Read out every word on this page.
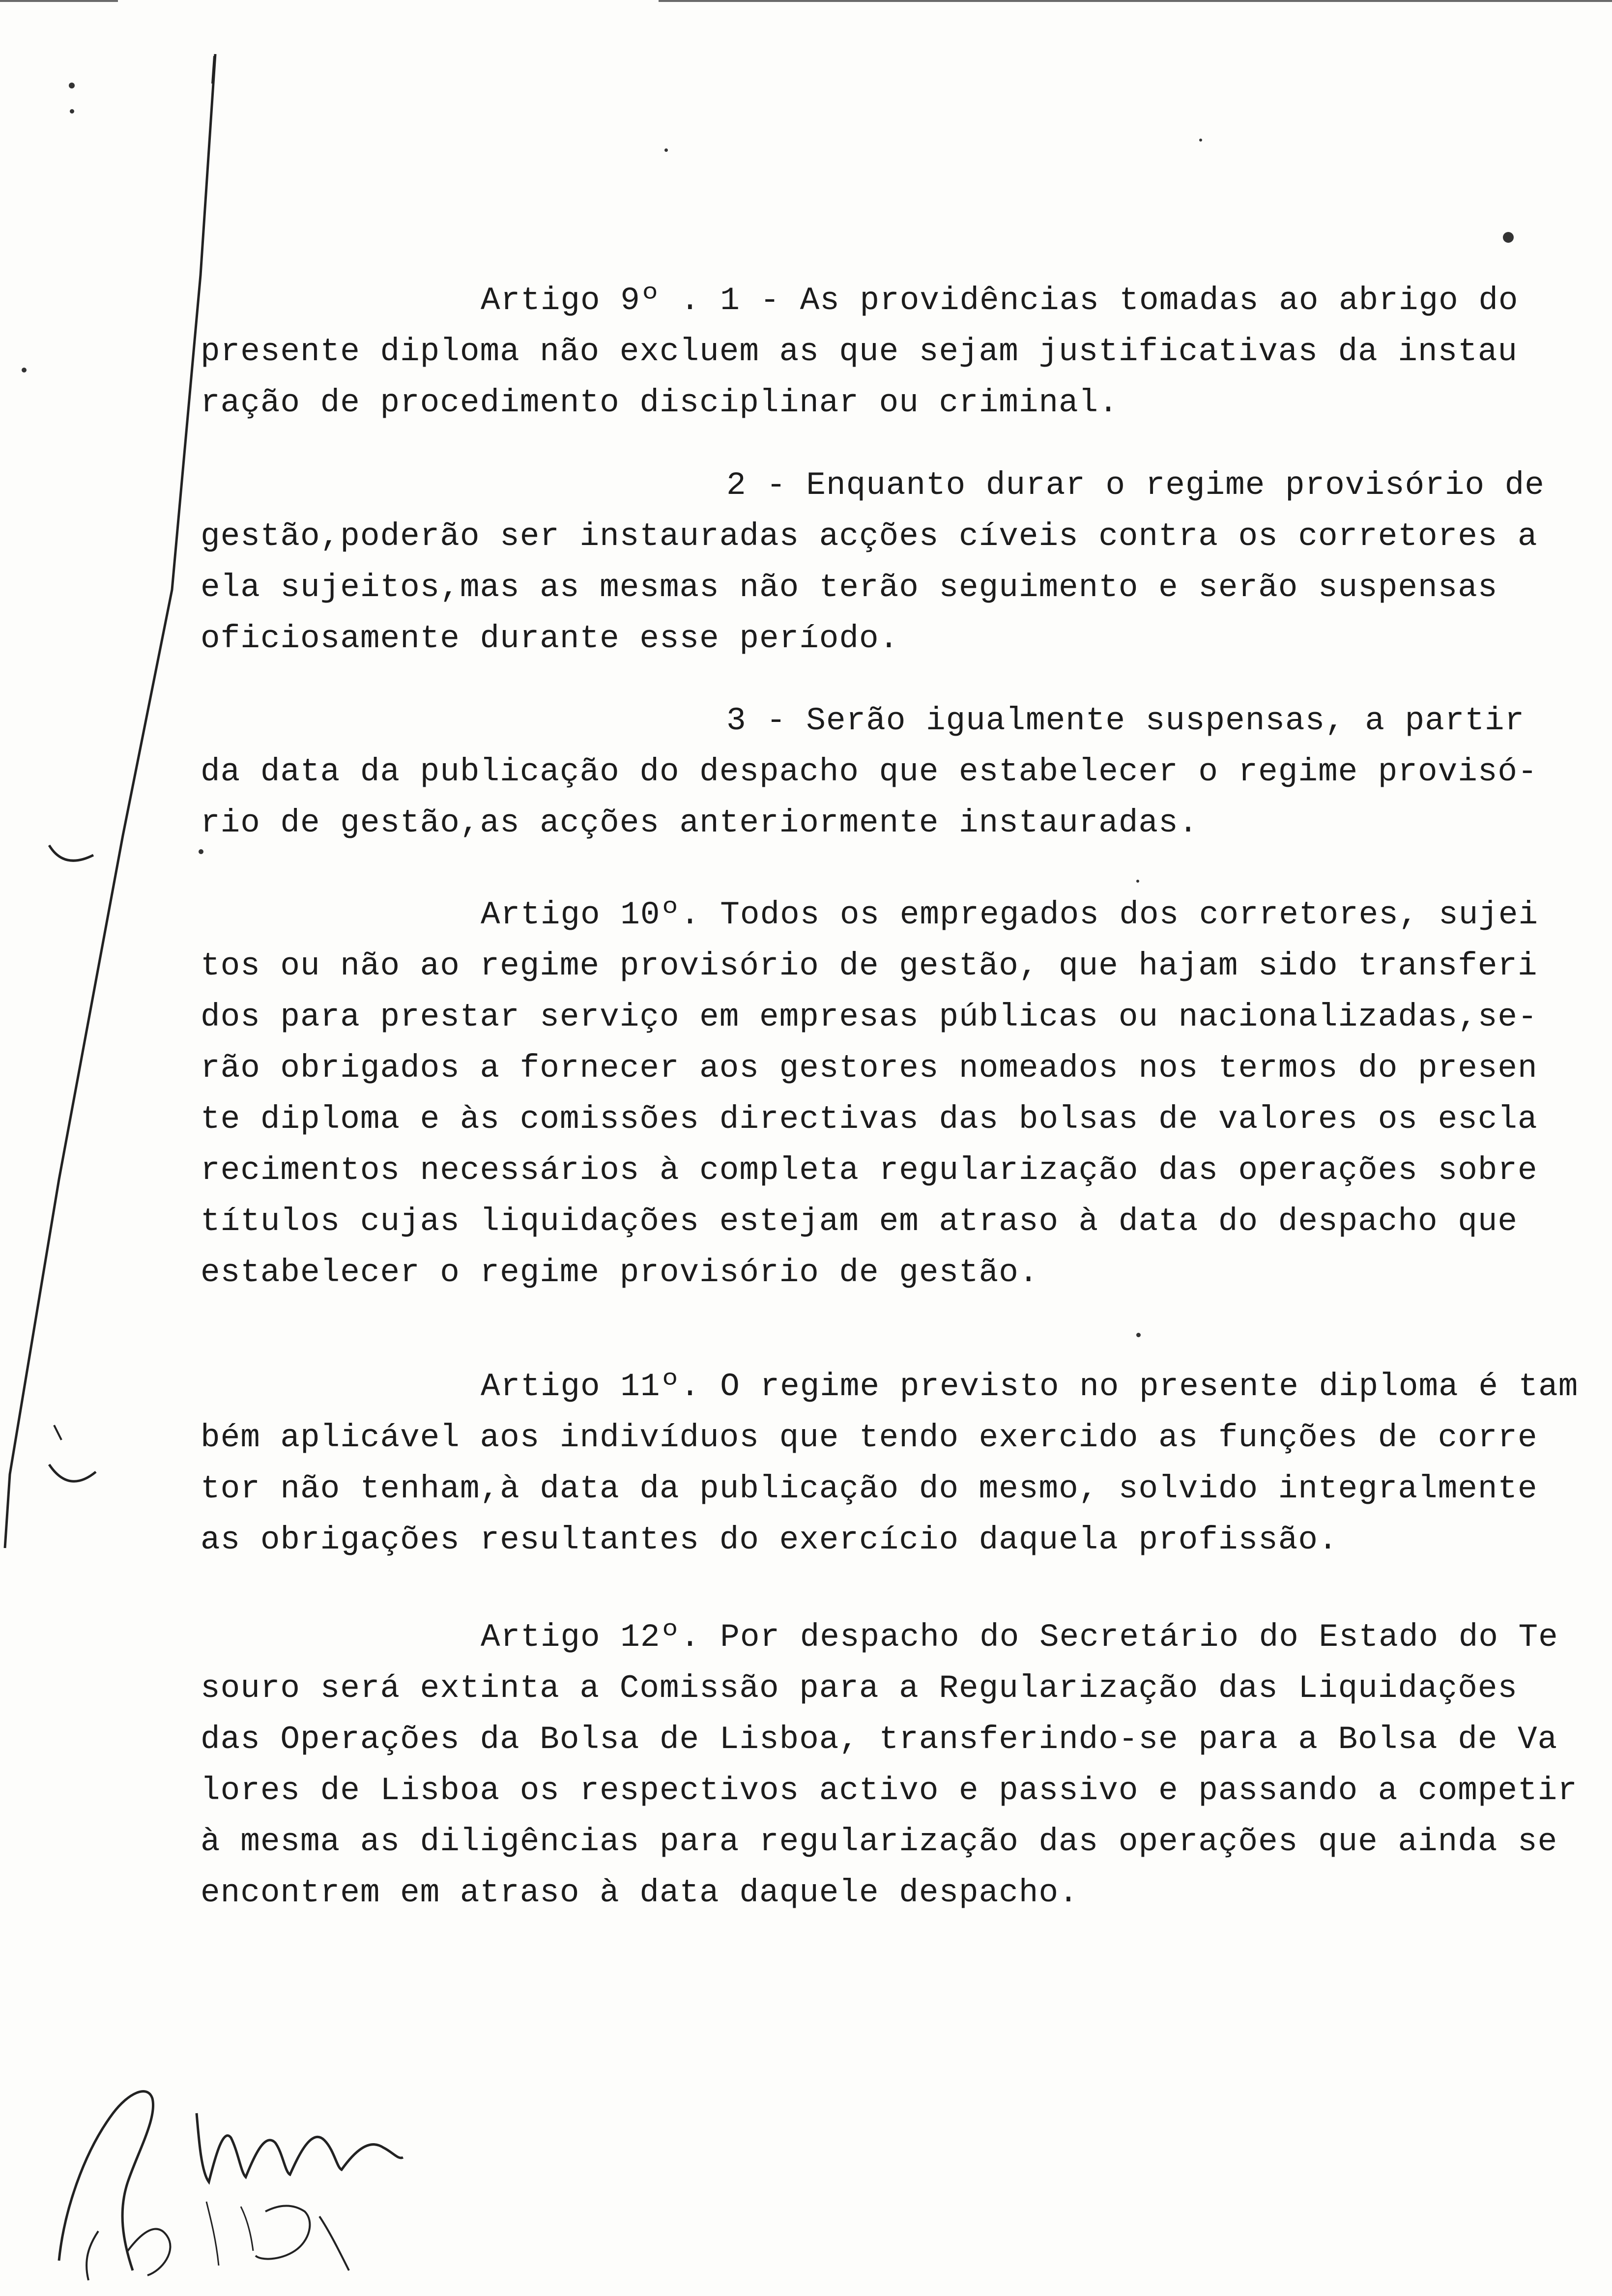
Artigo 9º . 1 - As providências tomadas ao abrigo do
presente diploma não excluem as que sejam justificativas da instau
ração de procedimento disciplinar ou criminal.
2 - Enquanto durar o regime provisório de
gestão,poderão ser instauradas acções cíveis contra os corretores a
ela sujeitos,mas as mesmas não terão seguimento e serão suspensas
oficiosamente durante esse período.
3 - Serão igualmente suspensas, a partir
da data da publicação do despacho que estabelecer o regime provisó-
rio de gestão,as acções anteriormente instauradas.
Artigo 10º. Todos os empregados dos corretores, sujei
tos ou não ao regime provisório de gestão, que hajam sido transferi
dos para prestar serviço em empresas públicas ou nacionalizadas,se-
rão obrigados a fornecer aos gestores nomeados nos termos do presen
te diploma e às comissões directivas das bolsas de valores os escla
recimentos necessários à completa regularização das operações sobre
títulos cujas liquidações estejam em atraso à data do despacho que
estabelecer o regime provisório de gestão.
Artigo 11º. O regime previsto no presente diploma é tam
bém aplicável aos indivíduos que tendo exercido as funções de corre
tor não tenham,à data da publicação do mesmo, solvido integralmente
as obrigações resultantes do exercício daquela profissão.
Artigo 12º. Por despacho do Secretário do Estado do Te
souro será extinta a Comissão para a Regularização das Liquidações
das Operações da Bolsa de Lisboa, transferindo-se para a Bolsa de Va
lores de Lisboa os respectivos activo e passivo e passando a competir
à mesma as diligências para regularização das operações que ainda se
encontrem em atraso à data daquele despacho.
